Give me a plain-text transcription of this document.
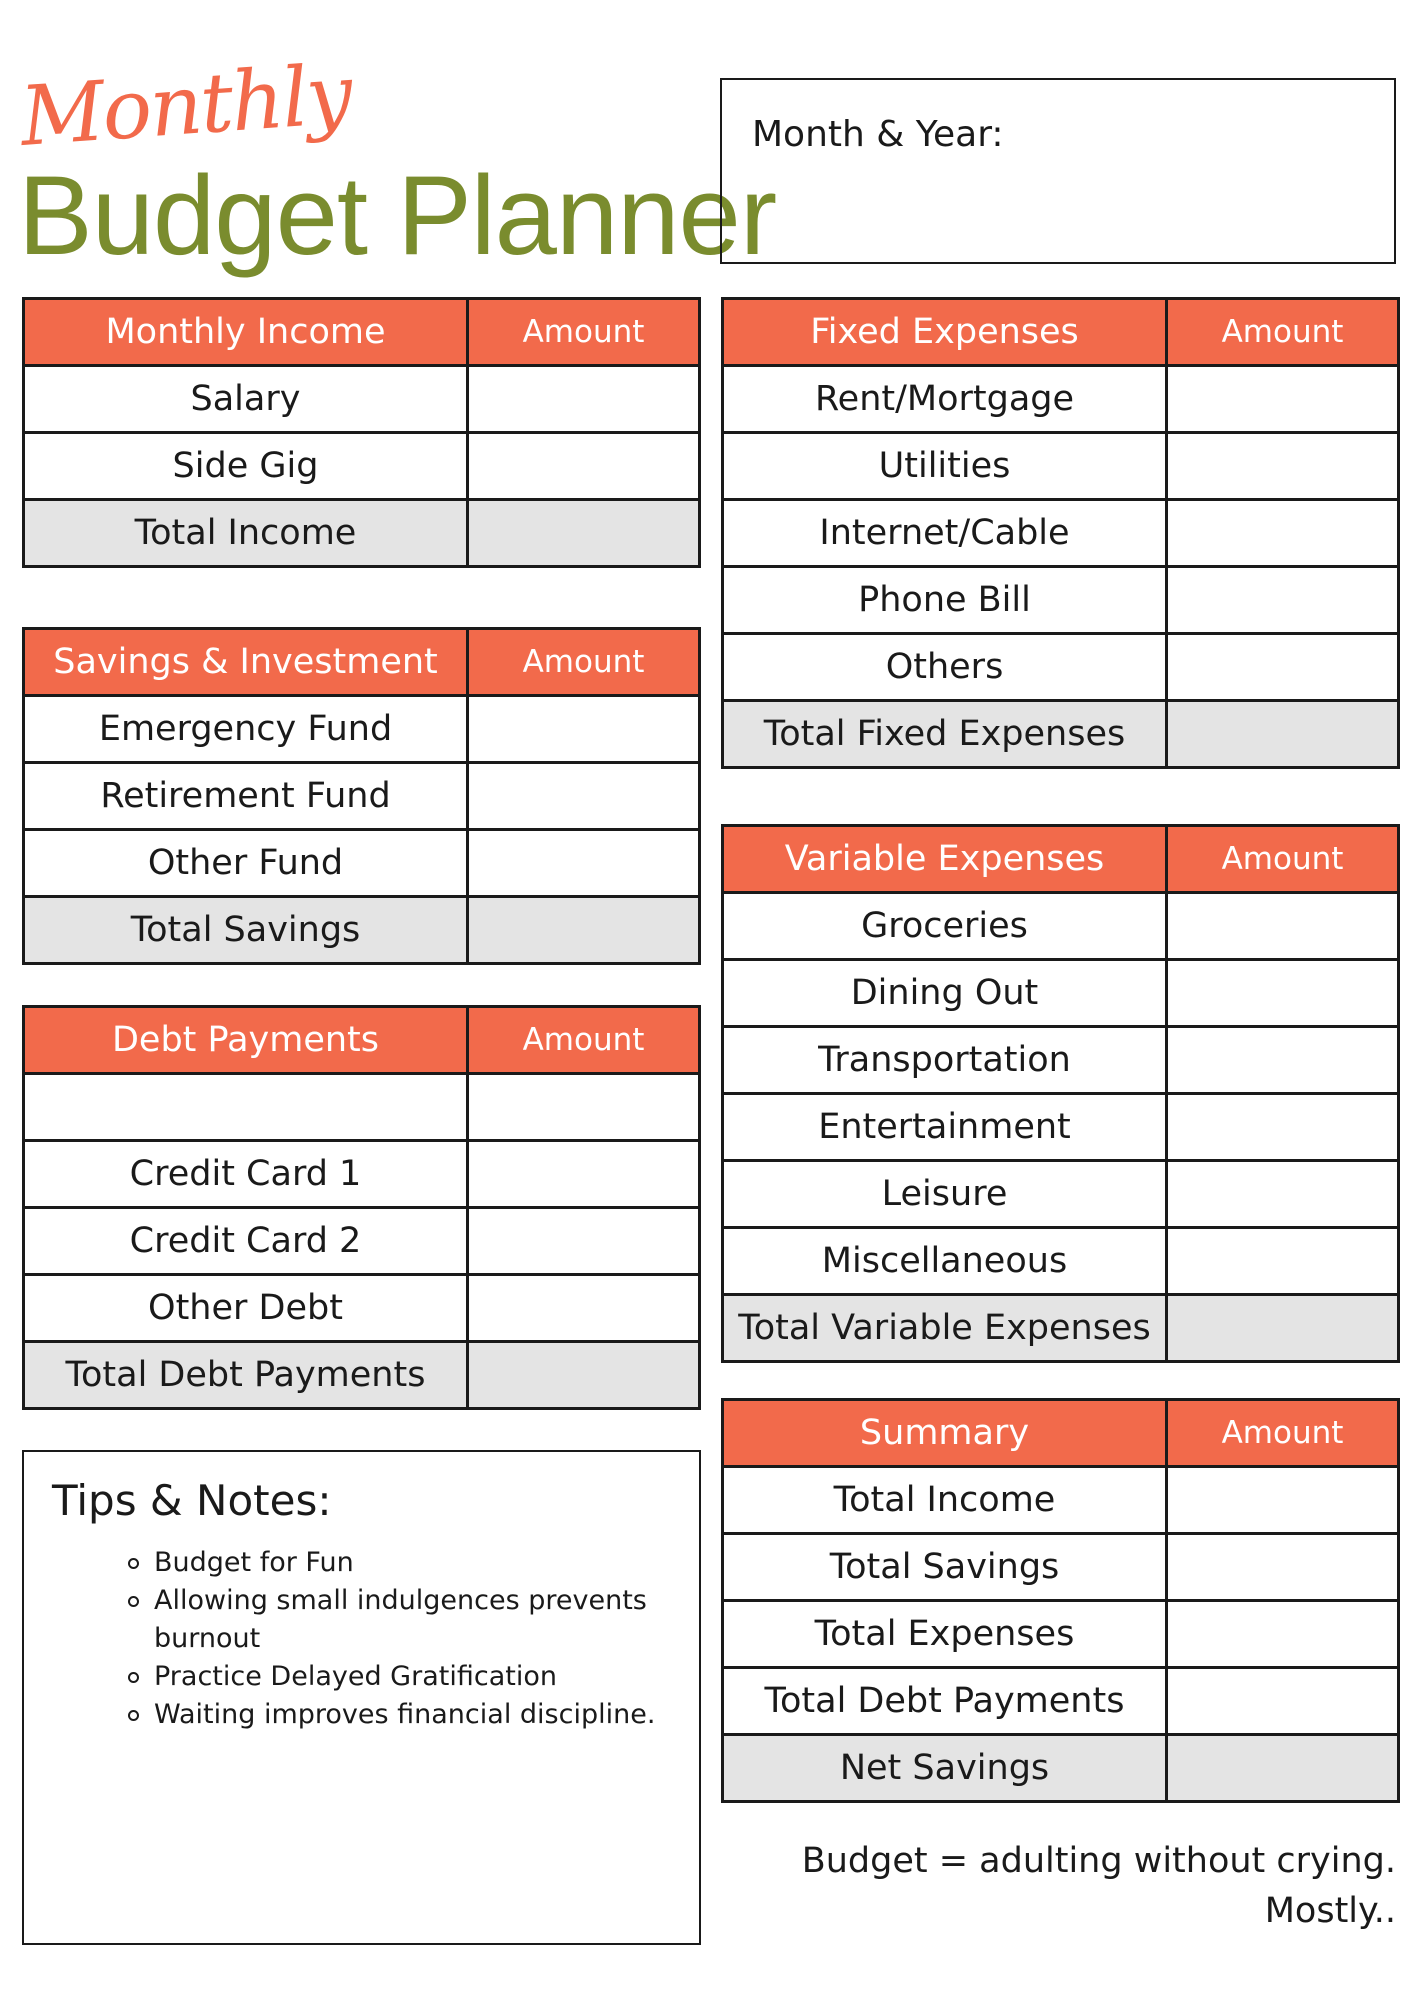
Monthly
Budget Planner
Month & Year:
Monthly Income	Amount
Salary	
Side Gig	
Total Income	
Savings & Investment	Amount
Emergency Fund	
Retirement Fund	
Other Fund	
Total Savings	
Debt Payments	Amount

Credit Card 1	
Credit Card 2	
Other Debt	
Total Debt Payments	
Fixed Expenses	Amount
Rent/Mortgage	
Utilities	
Internet/Cable	
Phone Bill	
Others	
Total Fixed Expenses	
Variable Expenses	Amount
Groceries	
Dining Out	
Transportation	
Entertainment	
Leisure	
Miscellaneous	
Total Variable Expenses	
Summary	Amount
Total Income	
Total Savings	
Total Expenses	
Total Debt Payments	
Net Savings	
Tips & Notes:
Budget for Fun
Allowing small indulgences prevents burnout
Practice Delayed Gratification
Waiting improves financial discipline.
Budget = adulting without crying.
Mostly..
